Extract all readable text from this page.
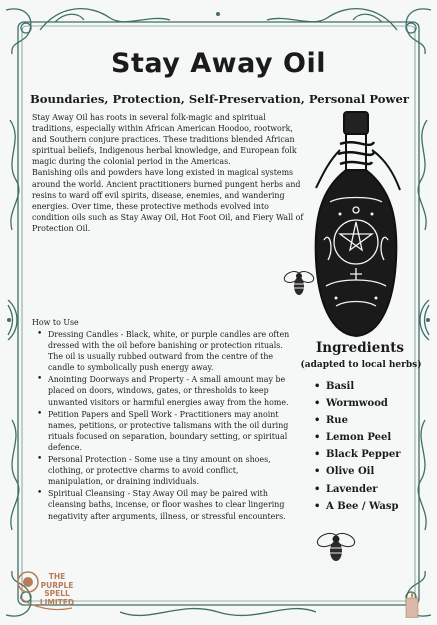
Stay Away Oil
Boundaries, Protection, Self-Preservation, Personal Power

Stay Away Oil has roots in several folk-magic and spiritual traditions, especially within African American Hoodoo, rootwork, and Southern conjure practices. These traditions blended African spiritual beliefs, Indigenous herbal knowledge, and European folk magic during the colonial period in the Americas.

Banishing oils and powders have long existed in magical systems around the world. Ancient practitioners burned pungent herbs and resins to ward off evil spirits, disease, enemies, and wandering energies. Over time, these protective methods evolved into condition oils such as Stay Away Oil, Hot Foot Oil, and Fiery Wall of Protection Oil.

How to Use
• Dressing Candles - Black, white, or purple candles are often dressed with the oil before banishing or protection rituals. The oil is usually rubbed outward from the centre of the candle to symbolically push energy away.
• Anointing Doorways and Property - A small amount may be placed on doors, windows, gates, or thresholds to keep unwanted visitors or harmful energies away from the home.
• Petition Papers and Spell Work - Practitioners may anoint names, petitions, or protective talismans with the oil during rituals focused on separation, boundary setting, or spiritual defence.
• Personal Protection - Some use a tiny amount on shoes, clothing, or protective charms to avoid conflict, manipulation, or draining individuals.
• Spiritual Cleansing - Stay Away Oil may be paired with cleansing baths, incense, or floor washes to clear lingering negativity after arguments, illness, or stressful encounters.
Ingredients
(adapted to local herbs)
• Basil
• Wormwood
• Rue
• Lemon Peel
• Black Pepper
• Olive Oil
• Lavender
• A Bee / Wasp
THE
PURPLE
SPELL
LIMITED
